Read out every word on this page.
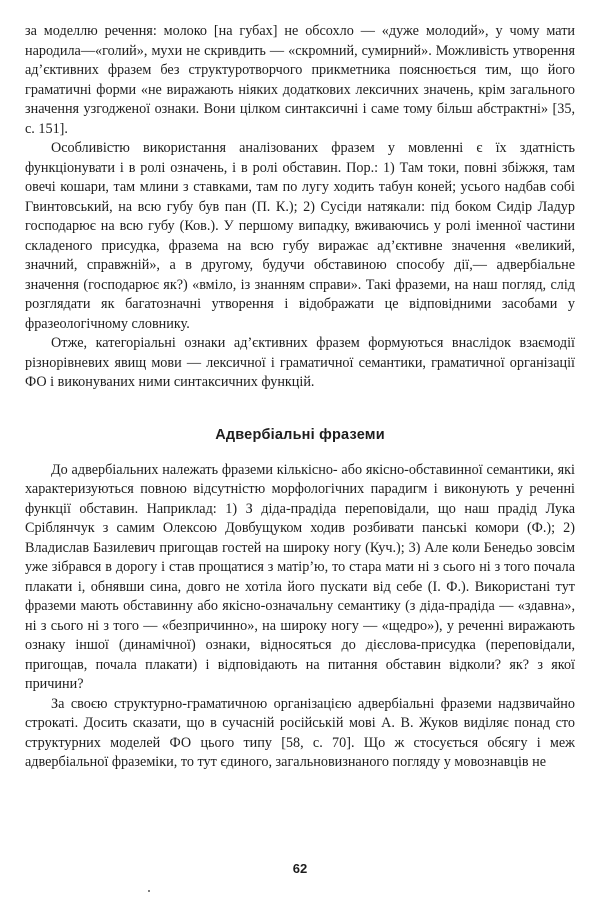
за моделлю речення: молоко [на губах] не обсохло — «дуже молодий», у чому мати народила—«голий», мухи не скривдить — «скромний, сумирний». Можливість утворення ад’єктивних фразем без структуротворчого прикметника пояснюється тим, що його граматичні форми «не виражають ніяких додаткових лексичних значень, крім загального значення узгодженої ознаки. Вони цілком синтаксичні і саме тому більш абстрактні» [35, с. 151].

Особливістю використання аналізованих фразем у мовленні є їх здатність функціонувати і в ролі означень, і в ролі обставин. Пор.: 1) Там токи, повні збіжжя, там овечі кошари, там млини з ставками, там по лугу ходить табун коней; усього надбав собі Гвинтовський, на всю губу був пан (П. К.); 2) Сусіди натякали: під боком Сидір Ладур господарює на всю губу (Ков.). У першому випадку, вживаючись у ролі іменної частини складеного присудка, фразема на всю губу виражає ад’єктивне значення «великий, значний, справжній», а в другому, будучи обставиною способу дії,— адвербіальне значення (господарює як?) «вміло, із знанням справи». Такі фраземи, на наш погляд, слід розглядати як багатозначні утворення і відображати це відповідними засобами у фразеологічному словнику.

Отже, категоріальні ознаки ад’єктивних фразем формуються внаслідок взаємодії різнорівневих явищ мови — лексичної і граматичної семантики, граматичної організації ФО і виконуваних ними синтаксичних функцій.

Адвербіальні фраземи

До адвербіальних належать фраземи кількісно- або якісно-обставинної семантики, які характеризуються повною відсутністю морфологічних парадигм і виконують у реченні функції обставин. Наприклад: 1) З діда-прадіда переповідали, що наш прадід Лука Сріблянчук з самим Олексою Довбущуком ходив розбивати панські комори (Ф.); 2) Владислав Базилевич пригощав гостей на широку ногу (Куч.); 3) Але коли Бенедьо зовсім уже зібрався в дорогу і став прощатися з матір’ю, то стара мати ні з сього ні з того почала плакати і, обнявши сина, довго не хотіла його пускати від себе (І. Ф.). Використані тут фраземи мають обставинну або якісно-означальну семантику (з діда-прадіда — «здавна», ні з сього ні з того — «безпричинно», на широку ногу — «щедро»), у реченні виражають ознаку іншої (динамічної) ознаки, відносяться до дієслова-присудка (переповідали, пригощав, почала плакати) і відповідають на питання обставин відколи? як? з якої причини?

За своєю структурно-граматичною організацією адвербіальні фраземи надзвичайно строкаті. Досить сказати, що в сучасній російській мові А. В. Жуков виділяє понад сто структурних моделей ФО цього типу [58, с. 70]. Що ж стосується обсягу і меж адвербіальної фраземіки, то тут єдиного, загальновизнаного погляду у мовознавців не

62
